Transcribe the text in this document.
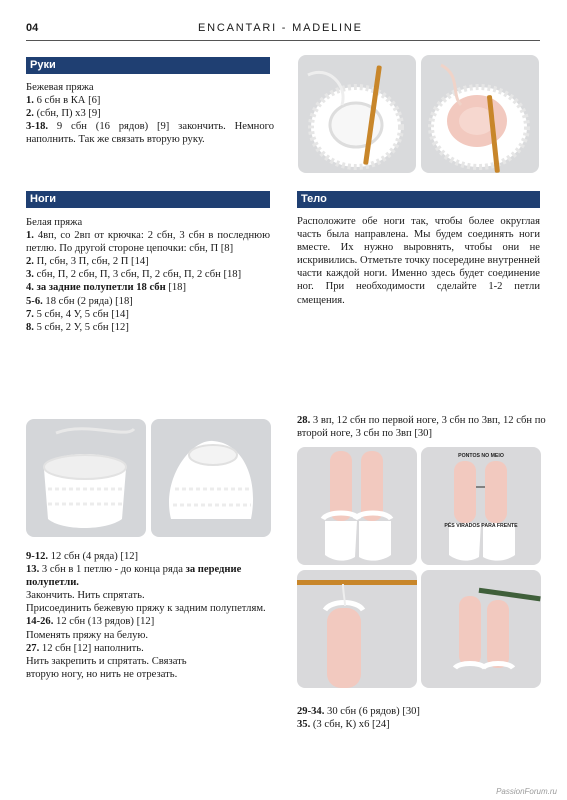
04	ENCANTARI - MADELINE
Руки

Бежевая пряжа

1. 6 сбн в КА [6]

2. (сбн, П) х3 [9]

3-18. 9 сбн (16 рядов) [9] закончить. Немного наполнить. Так же связать вторую руку.

Ноги

Белая пряжа

1. 4вп, со 2вп от крючка: 2 сбн, 3 сбн в последнюю петлю. По другой стороне цепочки: сбн, П [8]

2. П, сбн, 3 П, сбн, 2 П [14]

3. сбн, П, 2 сбн, П, 3 сбн, П, 2 сбн, П, 2 сбн [18]

4. за задние полупетли 18 сбн [18]

5-6. 18 сбн (2 ряда) [18]

7. 5 сбн, 4 У, 5 сбн [14]

8. 5 сбн, 2 У, 5 сбн [12]

Тело

Расположите обе ноги так, чтобы более округлая часть была направлена. Мы будем соединять ноги вместе. Их нужно выровнять, чтобы они не искривились. Отметьте точку посередине внутренней части каждой ноги. Именно здесь будет соединение ног. При необходимости сделайте 1-2 петли смещения.

9-12. 12 сбн (4 ряда) [12]

13. 3 сбн в 1 петлю - до конца ряда за передние полупетли.

Закончить. Нить спрятать.

Присоединить бежевую пряжу к задним полупетлям.

14-26. 12 сбн (13 рядов) [12]

Поменять пряжу на белую.

27. 12 сбн [12] наполнить.

Нить закрепить и спрятать. Связать вторую ногу, но нить не отрезать.

28. 3 вп, 12 сбн по первой ноге, 3 сбн по 3вп, 12 сбн по второй ноге, 3 сбн по 3вп [30]

PONTOS NO MEIO
PÉS VIRADOS PARA FRENTE

29-34. 30 сбн (6 рядов) [30]

35. (3 сбн, К) х6 [24]

PassionForum.ru
